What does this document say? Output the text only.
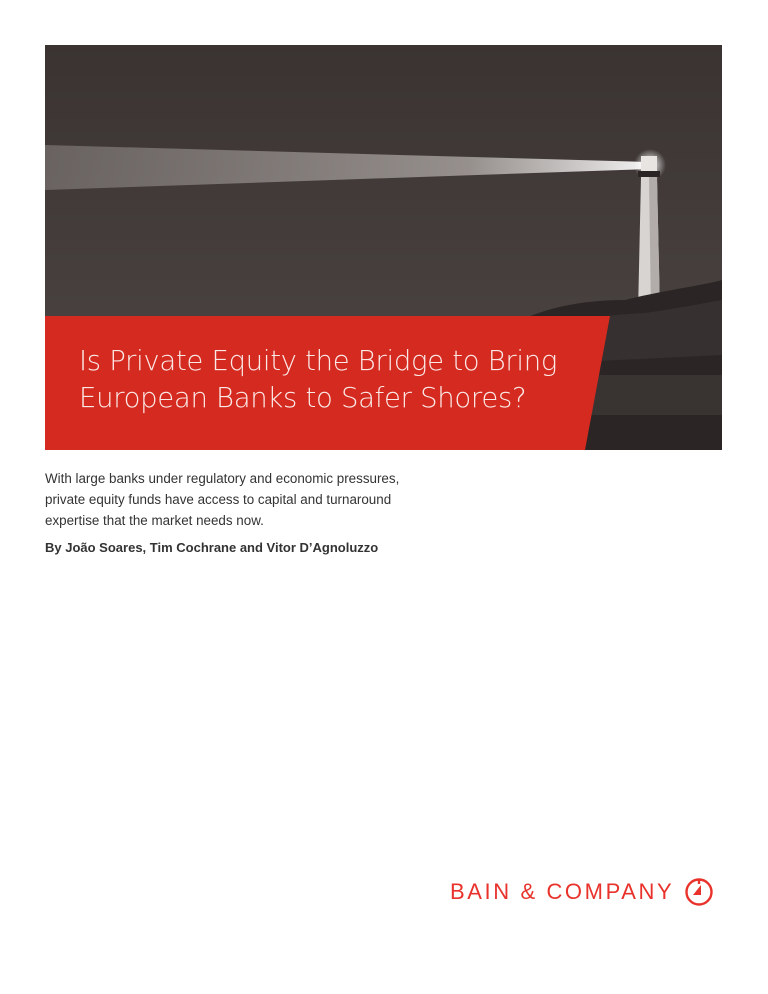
Is Private Equity the Bridge to Bring
European Banks to Safer Shores?
With large banks under regulatory and economic pressures,
private equity funds have access to capital and turnaround
expertise that the market needs now.
By João Soares, Tim Cochrane and Vitor D’Agnoluzzo
BAIN & COMPANY
